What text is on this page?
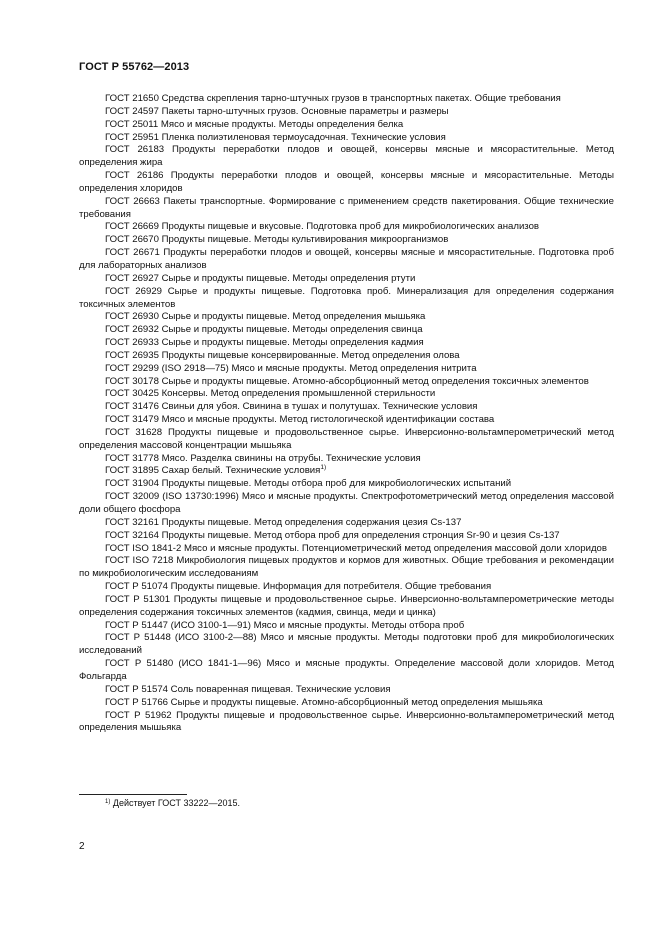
ГОСТ Р 55762—2013

ГОСТ 21650 Средства скрепления тарно-штучных грузов в транспортных пакетах. Общие требования

ГОСТ 24597 Пакеты тарно-штучных грузов. Основные параметры и размеры

ГОСТ 25011 Мясо и мясные продукты. Методы определения белка

ГОСТ 25951 Пленка полиэтиленовая термоусадочная. Технические условия

ГОСТ 26183 Продукты переработки плодов и овощей, консервы мясные и мясорастительные. Метод определения жира

ГОСТ 26186 Продукты переработки плодов и овощей, консервы мясные и мясорастительные. Методы определения хлоридов

ГОСТ 26663 Пакеты транспортные. Формирование с применением средств пакетирования. Общие технические требования

ГОСТ 26669 Продукты пищевые и вкусовые. Подготовка проб для микробиологических анализов

ГОСТ 26670 Продукты пищевые. Методы культивирования микроорганизмов

ГОСТ 26671 Продукты переработки плодов и овощей, консервы мясные и мясорастительные. Подготовка проб для лабораторных анализов

ГОСТ 26927 Сырье и продукты пищевые. Методы определения ртути

ГОСТ 26929 Сырье и продукты пищевые. Подготовка проб. Минерализация для определения содержания токсичных элементов

ГОСТ 26930 Сырье и продукты пищевые. Метод определения мышьяка

ГОСТ 26932 Сырье и продукты пищевые. Методы определения свинца

ГОСТ 26933 Сырье и продукты пищевые. Методы определения кадмия

ГОСТ 26935 Продукты пищевые консервированные. Метод определения олова

ГОСТ 29299 (ISO 2918—75) Мясо и мясные продукты. Метод определения нитрита

ГОСТ 30178 Сырье и продукты пищевые. Атомно-абсорбционный метод определения токсичных элементов

ГОСТ 30425 Консервы. Метод определения промышленной стерильности

ГОСТ 31476 Свиньи для убоя. Свинина в тушах и полутушах. Технические условия

ГОСТ 31479 Мясо и мясные продукты. Метод гистологической идентификации состава

ГОСТ 31628 Продукты пищевые и продовольственное сырье. Инверсионно-вольтамперометрический метод определения массовой концентрации мышьяка

ГОСТ 31778 Мясо. Разделка свинины на отрубы. Технические условия

ГОСТ 31895 Сахар белый. Технические условия$^{1)}$

ГОСТ 31904 Продукты пищевые. Методы отбора проб для микробиологических испытаний

ГОСТ 32009 (ISO 13730:1996) Мясо и мясные продукты. Спектрофотометрический метод определения массовой доли общего фосфора

ГОСТ 32161 Продукты пищевые. Метод определения содержания цезия Cs-137

ГОСТ 32164 Продукты пищевые. Метод отбора проб для определения стронция Sr-90 и цезия Cs-137

ГОСТ ISO 1841-2 Мясо и мясные продукты. Потенциометрический метод определения массовой доли хлоридов

ГОСТ ISO 7218 Микробиология пищевых продуктов и кормов для животных. Общие требования и рекомендации по микробиологическим исследованиям

ГОСТ Р 51074 Продукты пищевые. Информация для потребителя. Общие требования

ГОСТ Р 51301 Продукты пищевые и продовольственное сырье. Инверсионно-вольтамперометрические методы определения содержания токсичных элементов (кадмия, свинца, меди и цинка)

ГОСТ Р 51447 (ИСО 3100-1—91) Мясо и мясные продукты. Методы отбора проб

ГОСТ Р 51448 (ИСО 3100-2—88) Мясо и мясные продукты. Методы подготовки проб для микробиологических исследований

ГОСТ Р 51480 (ИСО 1841-1—96) Мясо и мясные продукты. Определение массовой доли хлоридов. Метод Фольгарда

ГОСТ Р 51574 Соль поваренная пищевая. Технические условия

ГОСТ Р 51766 Сырье и продукты пищевые. Атомно-абсорбционный метод определения мышьяка

ГОСТ Р 51962 Продукты пищевые и продовольственное сырье. Инверсионно-вольтамперометрический метод определения мышьяка

$^{1)}$ Действует ГОСТ 33222—2015.
2
